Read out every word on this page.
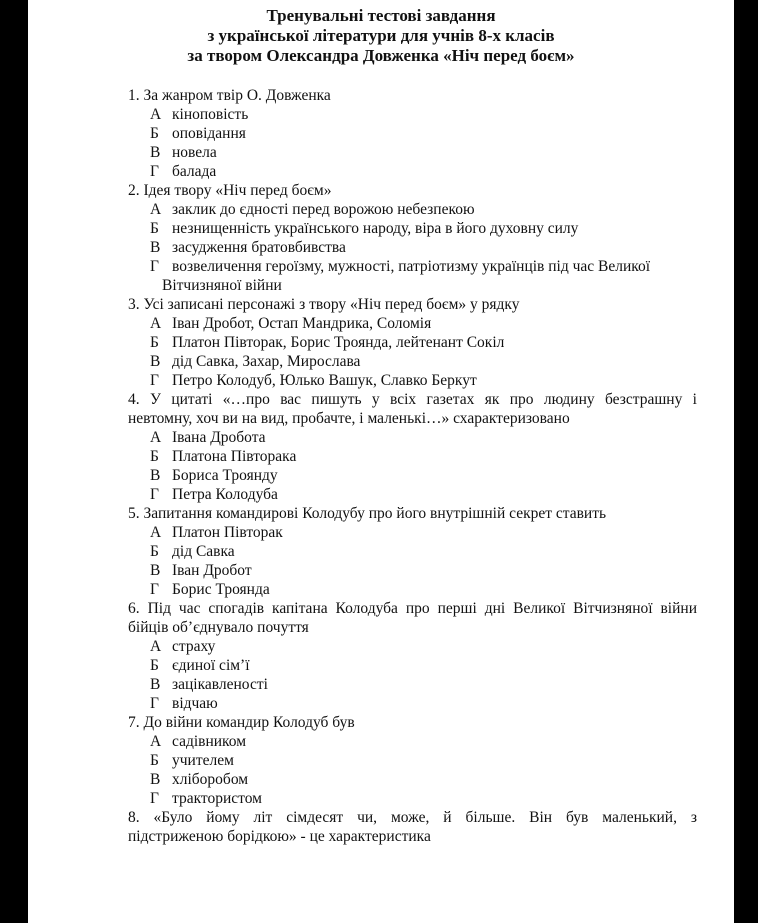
Тренувальні тестові завдання
з української літератури для учнів 8-х класів
за твором Олександра Довженка «Ніч перед боєм»
1. За жанром твір О. Довженка
А кіноповість
Б оповідання
В новела
Г балада
2. Ідея твору «Ніч перед боєм»
А заклик до єдності перед ворожою небезпекою
Б незнищенність українського народу, віра в його духовну силу
В засудження братовбивства
Г возвеличення героїзму, мужності, патріотизму українців під час Великої
Вітчизняної війни
3. Усі записані персонажі з твору «Ніч перед боєм» у рядку
А Іван Дробот, Остап Мандрика, Соломія
Б Платон Півторак, Борис Троянда, лейтенант Сокіл
В дід Савка, Захар, Мирослава
Г Петро Колодуб, Юлько Вашук, Славко Беркут
4. У цитаті «…про вас пишуть у всіх газетах як про людину безстрашну і
невтомну, хоч ви на вид, пробачте, і маленькі…» схарактеризовано
А Івана Дробота
Б Платона Півторака
В Бориса Троянду
Г Петра Колодуба
5. Запитання командирові Колодубу про його внутрішній секрет ставить
А Платон Півторак
Б дід Савка
В Іван Дробот
Г Борис Троянда
6. Під час спогадів капітана Колодуба про перші дні Великої Вітчизняної війни
бійців об’єднувало почуття
А страху
Б єдиної сім’ї
В зацікавленості
Г відчаю
7. До війни командир Колодуб був
А садівником
Б учителем
В хліборобом
Г трактористом
8. «Було йому літ сімдесят чи, може, й більше. Він був маленький, з
підстриженою борідкою» - це характеристика
